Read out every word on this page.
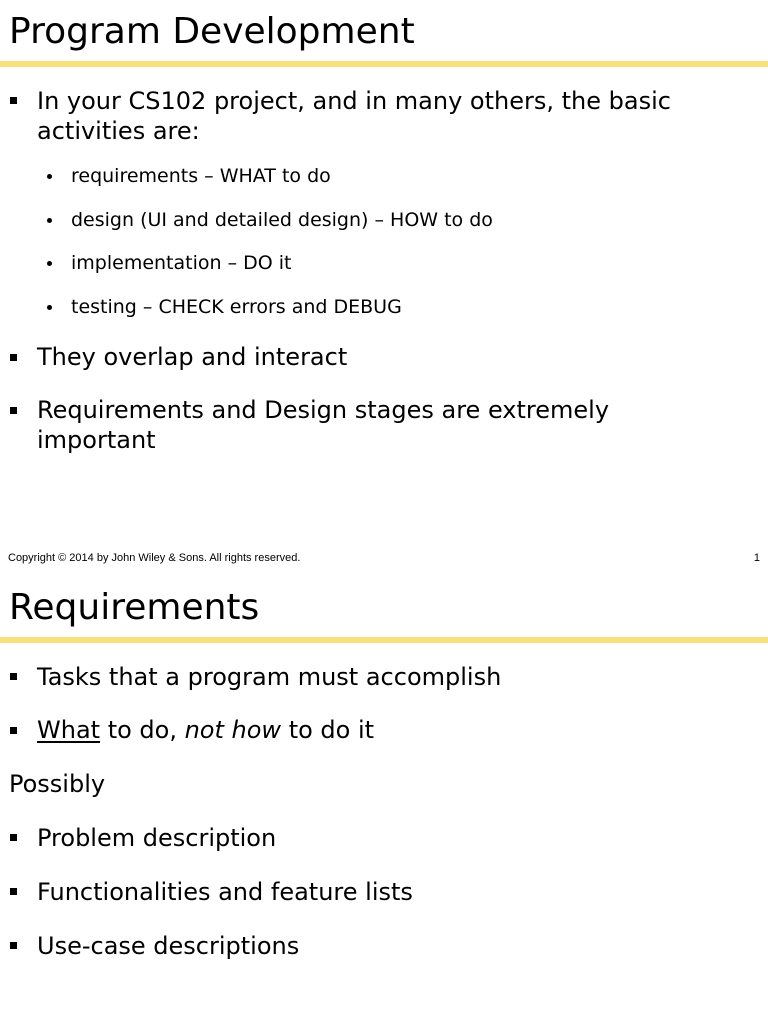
Program Development
In your CS102 project, and in many others, the basic
activities are:
requirements – WHAT to do
design (UI and detailed design) – HOW to do
implementation – DO it
testing – CHECK errors and DEBUG
They overlap and interact
Requirements and Design stages are extremely
important
Copyright © 2014 by John Wiley & Sons. All rights reserved.	1
Requirements
Tasks that a program must accomplish
What to do, not how to do it
Possibly
Problem description
Functionalities and feature lists
Use-case descriptions
